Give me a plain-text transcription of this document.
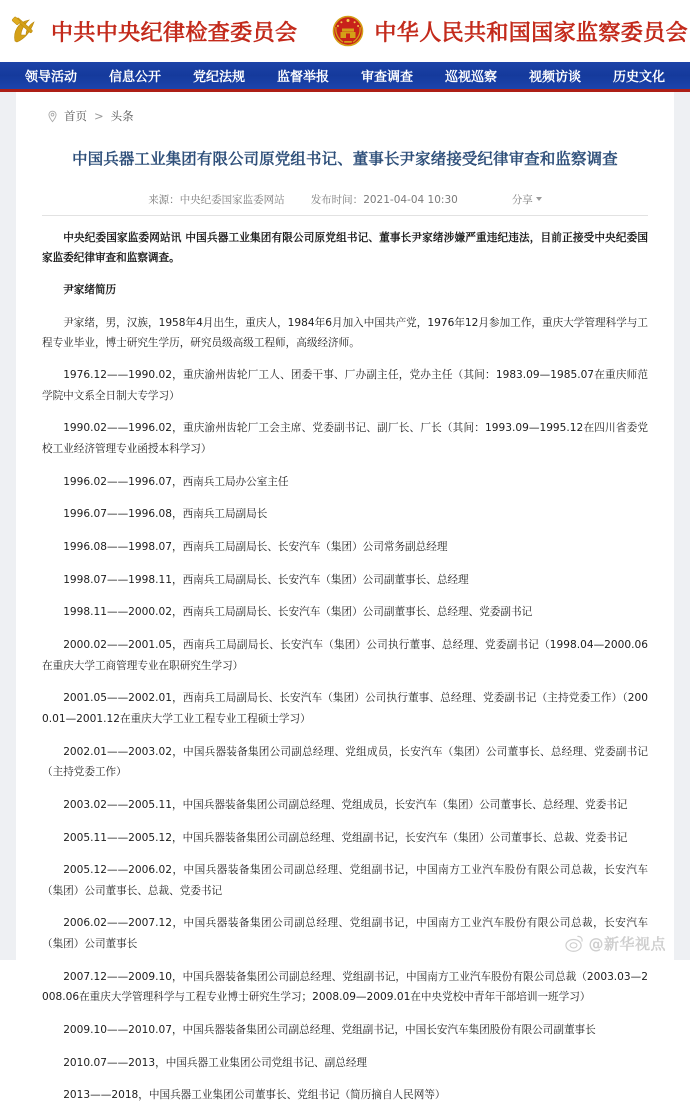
中共中央纪律检查委员会	中华人民共和国国家监察委员会
领导活动	信息公开	党纪法规	监督举报	审查调查	巡视巡察	视频访谈	历史文化
首页 > 头条
中国兵器工业集团有限公司原党组书记、董事长尹家绪接受纪律审查和监察调查
来源：中央纪委国家监委网站 发布时间：2021-04-04 10:30	分享

中央纪委国家监委网站讯 中国兵器工业集团有限公司原党组书记、董事长尹家绪涉嫌严重违纪违法，目前正接受中央纪委国家监委纪律审查和监察调查。

尹家绪简历

尹家绪，男，汉族，1958年4月出生，重庆人，1984年6月加入中国共产党，1976年12月参加工作，重庆大学管理科学与工程专业毕业，博士研究生学历，研究员级高级工程师，高级经济师。

1976.12——1990.02，重庆渝州齿轮厂工人、团委干事、厂办副主任，党办主任（其间：1983.09—1985.07在重庆师范学院中文系全日制大专学习）

1990.02——1996.02，重庆渝州齿轮厂工会主席、党委副书记、副厂长、厂长（其间：1993.09—1995.12在四川省委党校工业经济管理专业函授本科学习）

1996.02——1996.07，西南兵工局办公室主任

1996.07——1996.08，西南兵工局副局长

1996.08——1998.07，西南兵工局副局长、长安汽车（集团）公司常务副总经理

1998.07——1998.11，西南兵工局副局长、长安汽车（集团）公司副董事长、总经理

1998.11——2000.02，西南兵工局副局长、长安汽车（集团）公司副董事长、总经理、党委副书记

2000.02——2001.05，西南兵工局副局长、长安汽车（集团）公司执行董事、总经理、党委副书记（1998.04—2000.06在重庆大学工商管理专业在职研究生学习）

2001.05——2002.01，西南兵工局副局长、长安汽车（集团）公司执行董事、总经理、党委副书记（主持党委工作）（2000.01—2001.12在重庆大学工业工程专业工程硕士学习）

2002.01——2003.02，中国兵器装备集团公司副总经理、党组成员，长安汽车（集团）公司董事长、总经理、党委副书记（主持党委工作）

2003.02——2005.11，中国兵器装备集团公司副总经理、党组成员，长安汽车（集团）公司董事长、总经理、党委书记

2005.11——2005.12，中国兵器装备集团公司副总经理、党组副书记，长安汽车（集团）公司董事长、总裁、党委书记

2005.12——2006.02，中国兵器装备集团公司副总经理、党组副书记，中国南方工业汽车股份有限公司总裁，长安汽车（集团）公司董事长、总裁、党委书记

2006.02——2007.12，中国兵器装备集团公司副总经理、党组副书记，中国南方工业汽车股份有限公司总裁，长安汽车（集团）公司董事长

2007.12——2009.10，中国兵器装备集团公司副总经理、党组副书记，中国南方工业汽车股份有限公司总裁（2003.03—2008.06在重庆大学管理科学与工程专业博士研究生学习；2008.09—2009.01在中央党校中青年干部培训一班学习）

2009.10——2010.07，中国兵器装备集团公司副总经理、党组副书记，中国长安汽车集团股份有限公司副董事长

2010.07——2013，中国兵器工业集团公司党组书记、副总经理

2013——2018，中国兵器工业集团公司董事长、党组书记（简历摘自人民网等）

@新华视点
